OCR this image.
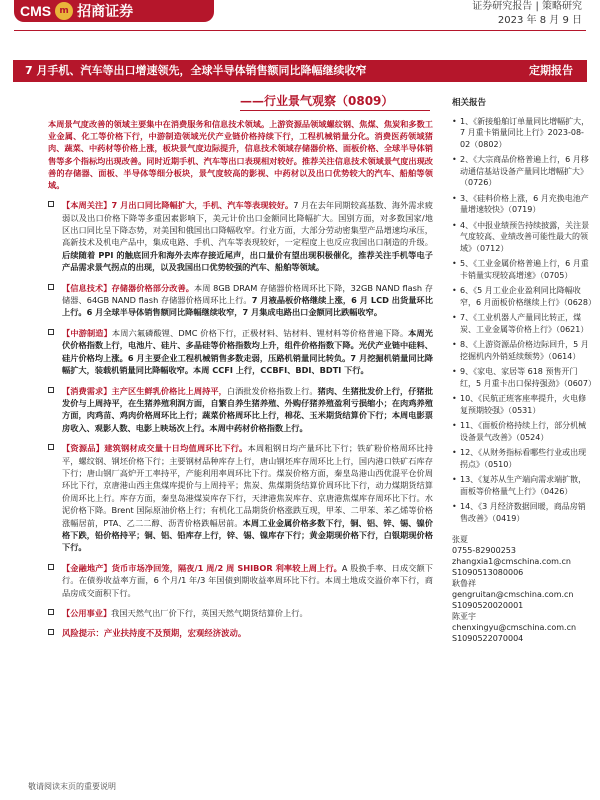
CMS m 招商证券	证券研究报告 | 策略研究
2023 年 8 月 9 日
7 月手机、汽车等出口增速领先，全球半导体销售额同比降幅继续收窄	定期报告
——行业景气观察（0809）
本周景气度改善的领域主要集中在消费服务和信息技术领域。上游资源品领域螺纹钢、焦煤、焦炭和多数工业金属、化工等价格下行，中游制造领域光伏产业链价格持续下行，工程机械销量分化。消费医药领域猪肉、蔬菜、中药材等价格上涨，板块景气度边际提升，信息技术领域存储器价格、面板价格、全球半导体销售等多个指标均出现改善。同时近期手机、汽车等出口表现相对较好。推荐关注信息技术领域景气度出现改善的存储器、面板、半导体等细分板块，景气度较高的影视、中药材以及出口优势较大的汽车、船舶等领域。
【本周关注】7 月出口同比降幅扩大，手机、汽车等表现较好。7 月在去年同期较高基数、海外需求疲弱以及出口价格下降等多重因素影响下，美元计价出口金额同比降幅扩大。国别方面，对多数国家/地区出口同比呈下降态势，对美国和俄国出口降幅收窄。行业方面，大部分劳动密集型产品增速均承压，高新技术及机电产品中，集成电路、手机、汽车等表现较好，一定程度上也反应我国出口制造的升级。后续随着 PPI 的触底回升和海外去库存接近尾声，出口量价有望出现积极催化，推荐关注手机等电子产品需求景气拐点的出现，以及我国出口优势较强的汽车、船舶等领域。
【信息技术】存储器价格部分改善。本周 8GB DRAM 存储器价格周环比下降，32GB NAND flash 存储器、64GB NAND flash 存储器价格周环比上行。7 月液晶板价格继续上涨，6 月 LCD 出货量环比上行。6 月全球半导体销售额同比降幅继续收窄，7 月集成电路出口金额同比跌幅收窄。
【中游制造】本周六氟磷酸锂、DMC 价格下行，正极材料、钴材料、锂材料等价格普遍下降。本周光伏价格指数上行，电池片、硅片、多晶硅等价格指数均上升，组件价格指数下降。光伏产业链中硅料、硅片价格均上涨。6 月主要企业工程机械销售多数走弱，压路机销量同比转负。7 月挖掘机销量同比降幅扩大，装载机销量同比降幅收窄。本周 CCFI 上行，CCBFI、BDI、BDTI 下行。
【消费需求】主产区生鲜乳价格比上周持平，白酒批发价格指数上行。猪肉、生猪批发价上行，仔猪批发价与上周持平，在生猪养殖利润方面，自繁自养生猪养殖、外购仔猪养殖盈利亏损缩小；在肉鸡养殖方面，肉鸡苗、鸡肉价格周环比上行；蔬菜价格周环比上行，棉花、玉米期货结算价下行；本周电影票房收入、观影人数、电影上映场次上行。本周中药材价格指数上行。
【资源品】建筑钢材成交量十日均值周环比下行。本周粗钢日均产量环比下行；铁矿粉价格周环比持平，螺纹钢、钢坯价格下行；主要钢材品种库存上行，唐山钢坯库存周环比上行，国内港口铁矿石库存下行；唐山钢厂高炉开工率持平，产能利用率周环比下行。煤炭价格方面，秦皇岛港山西优混平仓价周环比下行，京唐港山西主焦煤库提价与上周持平；焦炭、焦煤期货结算价周环比下行，动力煤期货结算价周环比上行。库存方面，秦皇岛港煤炭库存下行，天津港焦炭库存、京唐港焦煤库存周环比下行。水泥价格下降。Brent 国际原油价格上行；有机化工品期货价格涨跌互现，甲苯、二甲苯、苯乙烯等价格涨幅居前，PTA、乙二二醇、沥青价格跌幅居前。本周工业金属价格多数下行，铜、铝、锌、锡、镍价格下跌，铅价格持平；铜、铝、铅库存上行，锌、锡、镍库存下行；黄金期现价格下行，白银期现价格下行。
【金融地产】货币市场净回笼，隔夜/1 周/2 周 SHIBOR 利率较上周上行。A 股换手率、日成交额下行。在债券收益率方面，6 个月/1 年/3 年国债到期收益率周环比下行。本周土地成交溢价率下行，商品房成交面积下行。
【公用事业】我国天然气出厂价下行，英国天然气期货结算价上行。
风险提示：产业扶持度不及预期，宏观经济波动。
相关报告
• 1、《新接船舶订单量同比增幅扩大，7 月重卡销量同比上行》2023-08-02（0802）
• 2、《大宗商品价格普遍上行，6 月移动通信基站设备产量同比增幅扩大》（0726）
• 3、《硅料价格上涨，6 月充换电池产量增速较快》（0719）
• 4、《中报业绩预告持续披露，关注景气度较高、业绩改善可能性最大的领域》（0712）
• 5、《工业金属价格普遍上行，6 月重卡销量实现较高增速》（0705）
• 6、《5 月工业企业盈利同比降幅收窄，6 月面板价格继续上行》（0628）
• 7、《工业机器人产量同比转正，煤炭、工业金属等价格上行》（0621）
• 8、《上游资源品价格边际回升，5 月挖掘机内外销延续颓势》（0614）
• 9、《家电、家居等 618 预售开门红，5 月重卡出口保持强劲》（0607）
• 10、《民航正班客座率提升，火电修复预期较强》（0531）
• 11、《面板价格持续上行，部分机械设备景气改善》（0524）
• 12、《从财务指标看哪些行业或出现拐点》（0510）
• 13、《复苏从生产端向需求端扩散，面板等价格量气上行》（0426）
• 14、《3 月经济数据回暖，商品房销售改善》（0419）
张夏
0755-82900253
zhangxia1@cmschina.com.cn
S1090513080006
耿鲁祥
gengruitan@cmschina.com.cn
S1090520020001
陈亚宇
chenxingyu@cmschina.com.cn
S1090522070004
敬请阅读末页的重要说明
